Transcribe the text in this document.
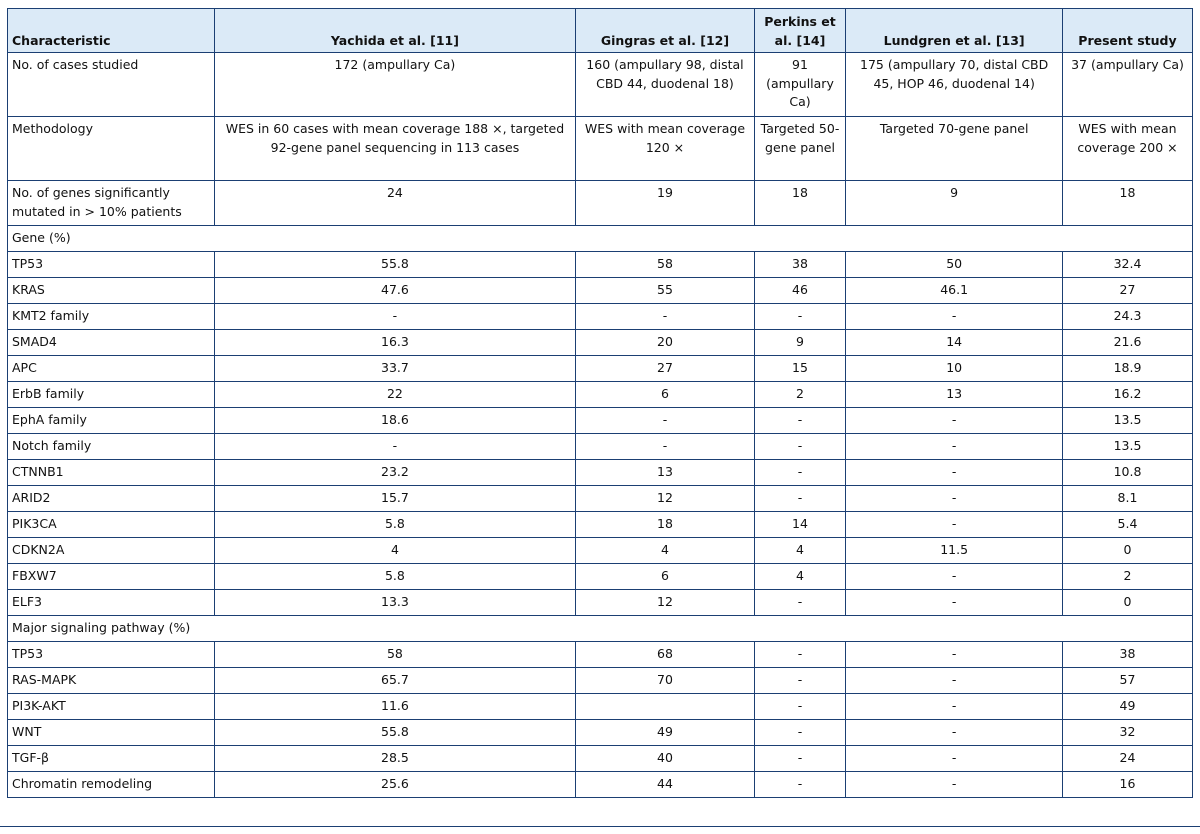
Characteristic	Yachida et al. [11]	Gingras et al. [12]	Perkins et al. [14]	Lundgren et al. [13]	Present study
No. of cases studied	172 (ampullary Ca)	160 (ampullary 98, distal CBD 44, duodenal 18)	91 (ampullary Ca)	175 (ampullary 70, distal CBD 45, HOP 46, duodenal 14)	37 (ampullary Ca)
Methodology	WES in 60 cases with mean coverage 188 ×, targeted 92-gene panel sequencing in 113 cases	WES with mean coverage 120 ×	Targeted 50-gene panel	Targeted 70-gene panel	WES with mean coverage 200 ×
No. of genes significantly mutated in > 10% patients	24	19	18	9	18
Gene (%)					
TP53	55.8	58	38	50	32.4
KRAS	47.6	55	46	46.1	27
KMT2 family	-	-	-	-	24.3
SMAD4	16.3	20	9	14	21.6
APC	33.7	27	15	10	18.9
ErbB family	22	6	2	13	16.2
EphA family	18.6	-	-	-	13.5
Notch family	-	-	-	-	13.5
CTNNB1	23.2	13	-	-	10.8
ARID2	15.7	12	-	-	8.1
PIK3CA	5.8	18	14	-	5.4
CDKN2A	4	4	4	11.5	0
FBXW7	5.8	6	4	-	2
ELF3	13.3	12	-	-	0
Major signaling pathway (%)					
TP53	58	68	-	-	38
RAS-MAPK	65.7	70	-	-	57
PI3K-AKT	11.6		-	-	49
WNT	55.8	49	-	-	32
TGF-β	28.5	40	-	-	24
Chromatin remodeling	25.6	44	-	-	16
